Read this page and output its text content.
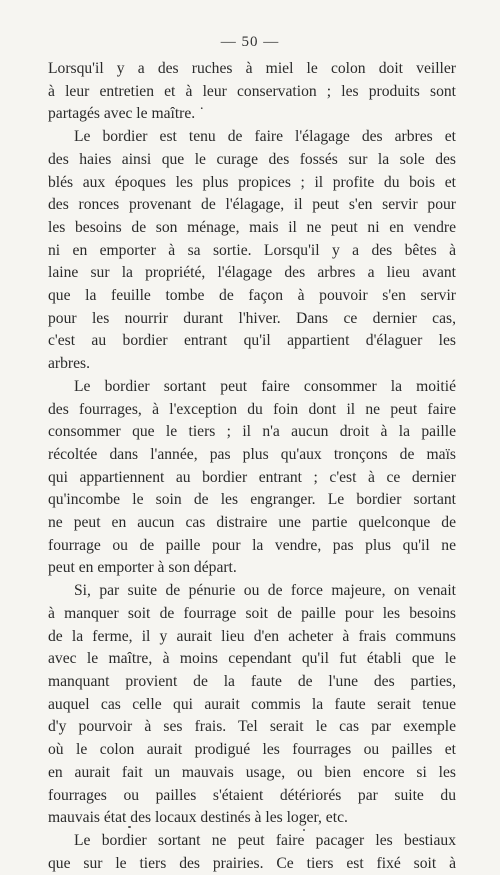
— 50 —
Lorsqu'il y a des ruches à miel le colon doit veiller
à leur entretien et à leur conservation ; les produits sont
partagés avec le maître. ˙
Le bordier est tenu de faire l'élagage des arbres et
des haies ainsi que le curage des fossés sur la sole des
blés aux époques les plus propices ; il profite du bois et
des ronces provenant de l'élagage, il peut s'en servir pour
les besoins de son ménage, mais il ne peut ni en vendre
ni en emporter à sa sortie. Lorsqu'il y a des bêtes à
laine sur la propriété, l'élagage des arbres a lieu avant
que la feuille tombe de façon à pouvoir s'en servir
pour les nourrir durant l'hiver. Dans ce dernier cas,
c'est au bordier entrant qu'il appartient d'élaguer les
arbres.
Le bordier sortant peut faire consommer la moitié
des fourrages, à l'exception du foin dont il ne peut faire
consommer que le tiers ; il n'a aucun droit à la paille
récoltée dans l'année, pas plus qu'aux tronçons de maïs
qui appartiennent au bordier entrant ; c'est à ce dernier
qu'incombe le soin de les engranger. Le bordier sortant
ne peut en aucun cas distraire une partie quelconque de
fourrage ou de paille pour la vendre, pas plus qu'il ne
peut en emporter à son départ.
Si, par suite de pénurie ou de force majeure, on venait
à manquer soit de fourrage soit de paille pour les besoins
de la ferme, il y aurait lieu d'en acheter à frais communs
avec le maître, à moins cependant qu'il fut établi que le
manquant provient de la faute de l'une des parties,
auquel cas celle qui aurait commis la faute serait tenue
d'y pourvoir à ses frais. Tel serait le cas par exemple
où le colon aurait prodigué les fourrages ou pailles et
en aurait fait un mauvais usage, ou bien encore si les
fourrages ou pailles s'étaient détériorés par suite du
mauvais état des locaux destinés à les loger, etc.
Le bordier sortant ne peut faire pacager les bestiaux
que sur le tiers des prairies. Ce tiers est fixé soit à
